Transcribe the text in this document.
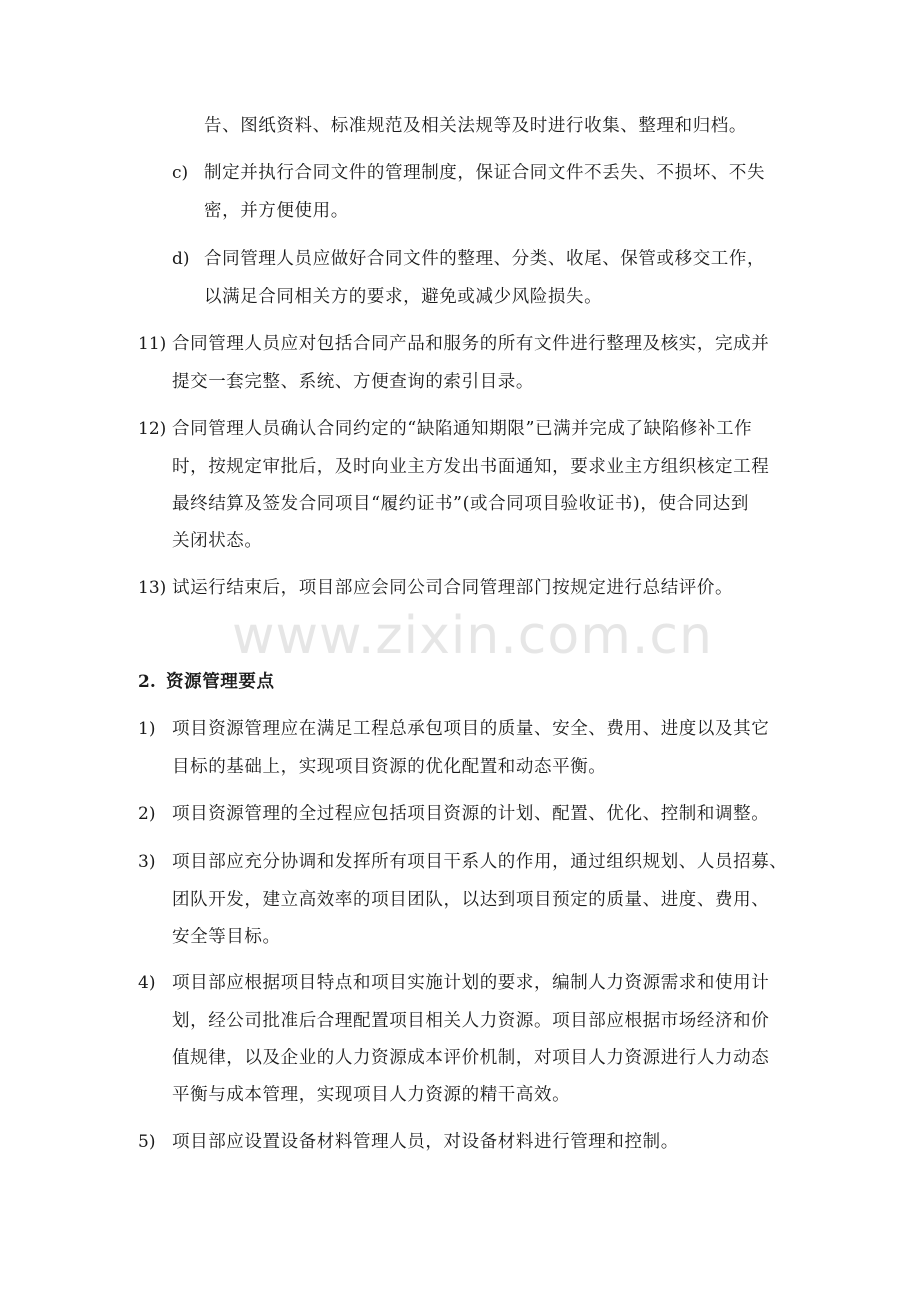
告、图纸资料、标准规范及相关法规等及时进行收集、整理和归档。
c) 制定并执行合同文件的管理制度，保证合同文件不丢失、不损坏、不失
密，并方便使用。
d) 合同管理人员应做好合同文件的整理、分类、收尾、保管或移交工作，
以满足合同相关方的要求，避免或减少风险损失。
11) 合同管理人员应对包括合同产品和服务的所有文件进行整理及核实，完成并
提交一套完整、系统、方便查询的索引目录。
12) 合同管理人员确认合同约定的“缺陷通知期限”已满并完成了缺陷修补工作
时，按规定审批后，及时向业主方发出书面通知，要求业主方组织核定工程
最终结算及签发合同项目“履约证书”(或合同项目验收证书)，使合同达到
关闭状态。
13) 试运行结束后，项目部应会同公司合同管理部门按规定进行总结评价。
www.zixin.com.cn
2. 资源管理要点
1) 项目资源管理应在满足工程总承包项目的质量、安全、费用、进度以及其它
目标的基础上，实现项目资源的优化配置和动态平衡。
2) 项目资源管理的全过程应包括项目资源的计划、配置、优化、控制和调整。
3) 项目部应充分协调和发挥所有项目干系人的作用，通过组织规划、人员招募、
团队开发，建立高效率的项目团队，以达到项目预定的质量、进度、费用、
安全等目标。
4) 项目部应根据项目特点和项目实施计划的要求，编制人力资源需求和使用计
划，经公司批准后合理配置项目相关人力资源。项目部应根据市场经济和价
值规律，以及企业的人力资源成本评价机制，对项目人力资源进行人力动态
平衡与成本管理，实现项目人力资源的精干高效。
5) 项目部应设置设备材料管理人员，对设备材料进行管理和控制。
